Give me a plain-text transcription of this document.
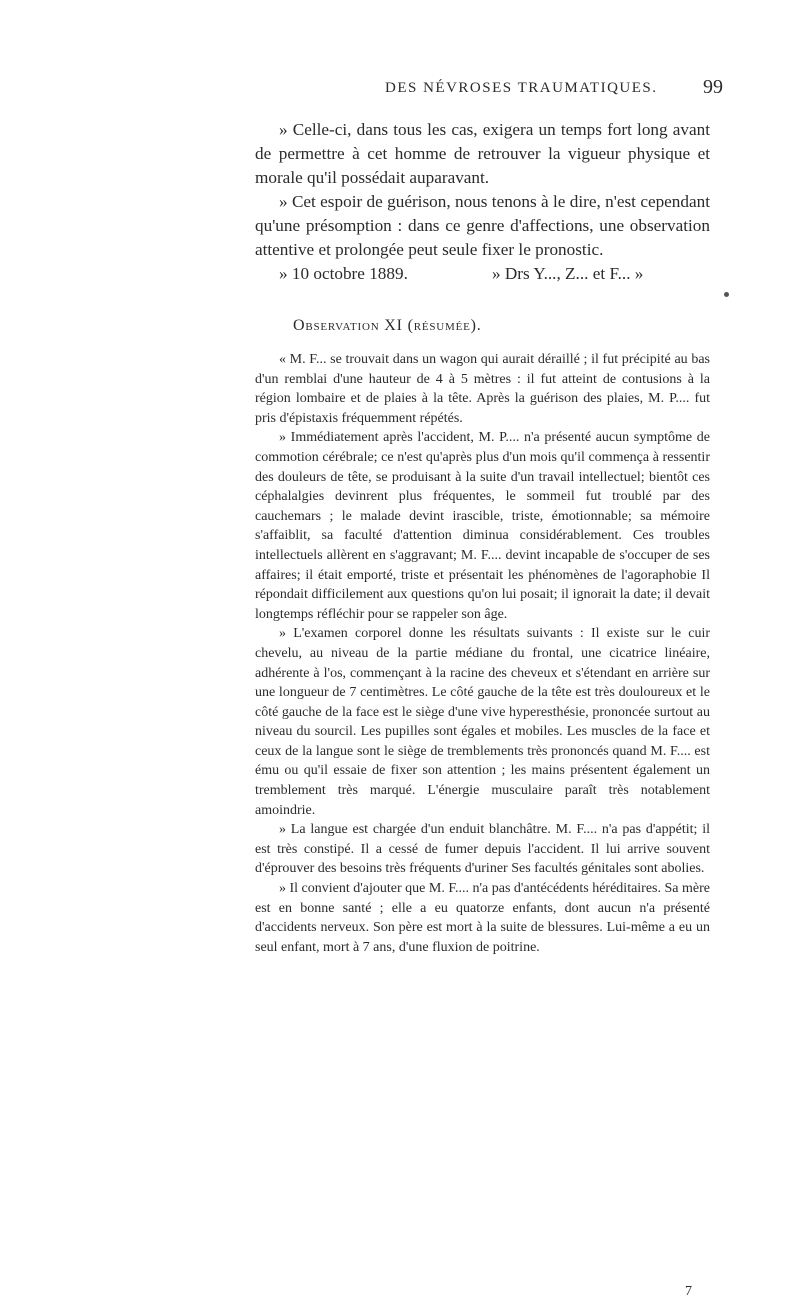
DES NÉVROSES TRAUMATIQUES. 99

» Celle-ci, dans tous les cas, exigera un temps fort long avant de permettre à cet homme de retrouver la vigueur physique et morale qu'il possédait auparavant.

» Cet espoir de guérison, nous tenons à le dire, n'est cependant qu'une présomption : dans ce genre d'affections, une observation attentive et prolongée peut seule fixer le pronostic.

» 10 octobre 1889.	» Drs Y..., Z... et F... »
Observation XI (résumée).

« M. F... se trouvait dans un wagon qui aurait déraillé ; il fut précipité au bas d'un remblai d'une hauteur de 4 à 5 mètres : il fut atteint de contusions à la région lombaire et de plaies à la tête. Après la guérison des plaies, M. P.... fut pris d'épistaxis fréquemment répétés.

» Immédiatement après l'accident, M. P.... n'a présenté aucun symptôme de commotion cérébrale; ce n'est qu'après plus d'un mois qu'il commença à ressentir des douleurs de tête, se produisant à la suite d'un travail intellectuel; bientôt ces céphalalgies devinrent plus fréquentes, le sommeil fut troublé par des cauchemars ; le malade devint irascible, triste, émotionnable; sa mémoire s'affaiblit, sa faculté d'attention diminua considérablement. Ces troubles intellectuels allèrent en s'aggravant; M. F.... devint incapable de s'occuper de ses affaires; il était emporté, triste et présentait les phénomènes de l'agoraphobie Il répondait difficilement aux questions qu'on lui posait; il ignorait la date; il devait longtemps réfléchir pour se rappeler son âge.

» L'examen corporel donne les résultats suivants : Il existe sur le cuir chevelu, au niveau de la partie médiane du frontal, une cicatrice linéaire, adhérente à l'os, commençant à la racine des cheveux et s'étendant en arrière sur une longueur de 7 centimètres. Le côté gauche de la tête est très douloureux et le côté gauche de la face est le siège d'une vive hyperesthésie, prononcée surtout au niveau du sourcil. Les pupilles sont égales et mobiles. Les muscles de la face et ceux de la langue sont le siège de tremblements très prononcés quand M. F.... est ému ou qu'il essaie de fixer son attention ; les mains présentent également un tremblement très marqué. L'énergie musculaire paraît très notablement amoindrie.

» La langue est chargée d'un enduit blanchâtre. M. F.... n'a pas d'appétit; il est très constipé. Il a cessé de fumer depuis l'accident. Il lui arrive souvent d'éprouver des besoins très fréquents d'uriner Ses facultés génitales sont abolies.

» Il convient d'ajouter que M. F.... n'a pas d'antécédents héréditaires. Sa mère est en bonne santé ; elle a eu quatorze enfants, dont aucun n'a présenté d'accidents nerveux. Son père est mort à la suite de blessures. Lui-même a eu un seul enfant, mort à 7 ans, d'une fluxion de poitrine.

7
